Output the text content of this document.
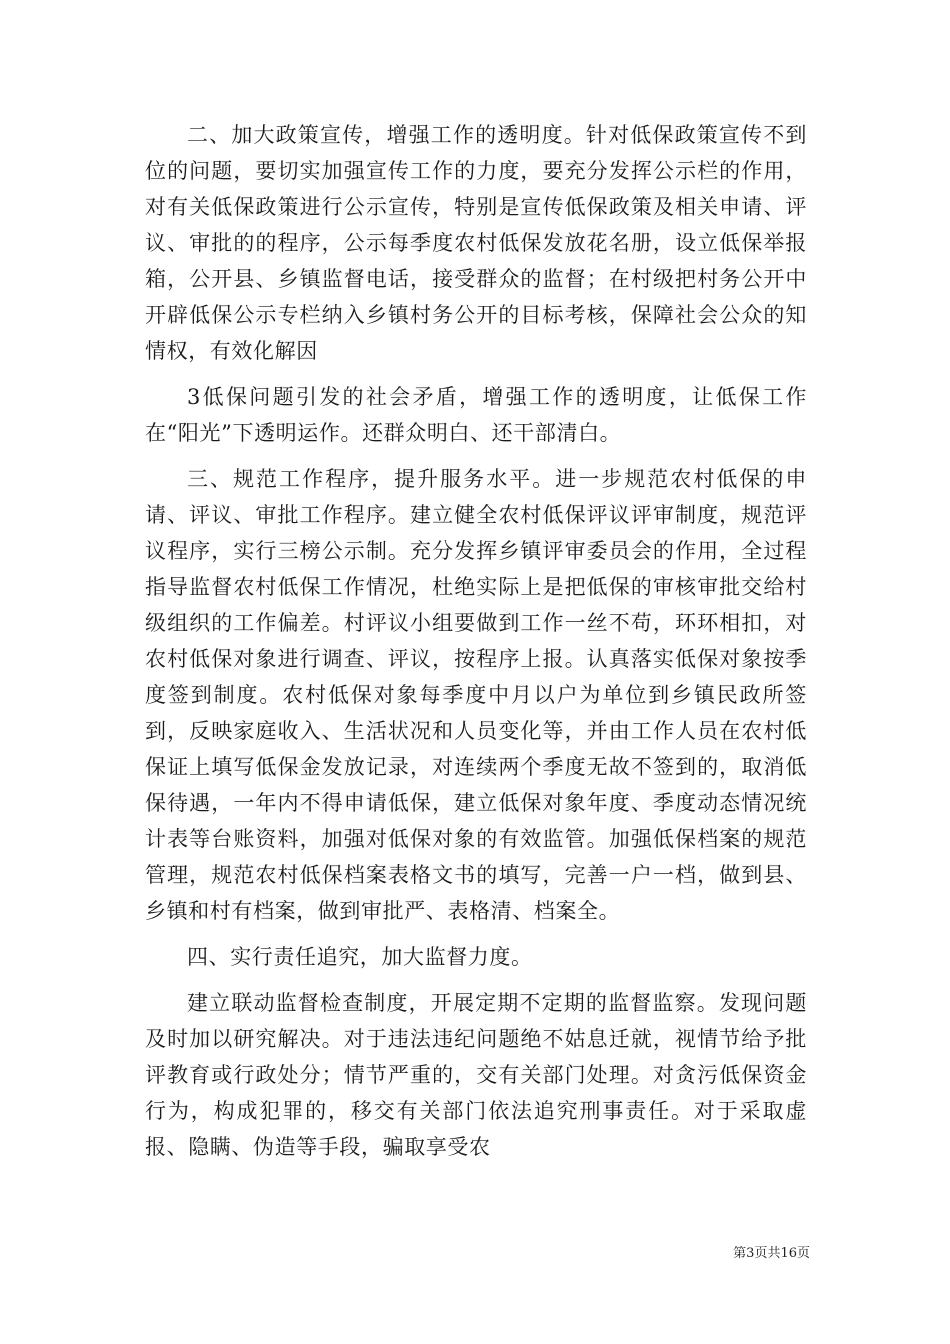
二、加大政策宣传，增强工作的透明度。针对低保政策宣传不到位的问题，要切实加强宣传工作的力度，要充分发挥公示栏的作用，对有关低保政策进行公示宣传，特别是宣传低保政策及相关申请、评议、审批的的程序，公示每季度农村低保发放花名册，设立低保举报箱，公开县、乡镇监督电话，接受群众的监督；在村级把村务公开中开辟低保公示专栏纳入乡镇村务公开的目标考核，保障社会公众的知情权，有效化解因

3低保问题引发的社会矛盾，增强工作的透明度，让低保工作在“阳光”下透明运作。还群众明白、还干部清白。

三、规范工作程序，提升服务水平。进一步规范农村低保的申请、评议、审批工作程序。建立健全农村低保评议评审制度，规范评议程序，实行三榜公示制。充分发挥乡镇评审委员会的作用，全过程指导监督农村低保工作情况，杜绝实际上是把低保的审核审批交给村级组织的工作偏差。村评议小组要做到工作一丝不苟，环环相扣，对农村低保对象进行调查、评议，按程序上报。认真落实低保对象按季度签到制度。农村低保对象每季度中月以户为单位到乡镇民政所签到，反映家庭收入、生活状况和人员变化等，并由工作人员在农村低保证上填写低保金发放记录，对连续两个季度无故不签到的，取消低保待遇，一年内不得申请低保，建立低保对象年度、季度动态情况统计表等台账资料，加强对低保对象的有效监管。加强低保档案的规范管理，规范农村低保档案表格文书的填写，完善一户一档，做到县、乡镇和村有档案，做到审批严、表格清、档案全。

四、实行责任追究，加大监督力度。

建立联动监督检查制度，开展定期不定期的监督监察。发现问题及时加以研究解决。对于违法违纪问题绝不姑息迁就，视情节给予批评教育或行政处分；情节严重的，交有关部门处理。对贪污低保资金行为，构成犯罪的，移交有关部门依法追究刑事责任。对于采取虚报、隐瞒、伪造等手段，骗取享受农

第3页共16页
